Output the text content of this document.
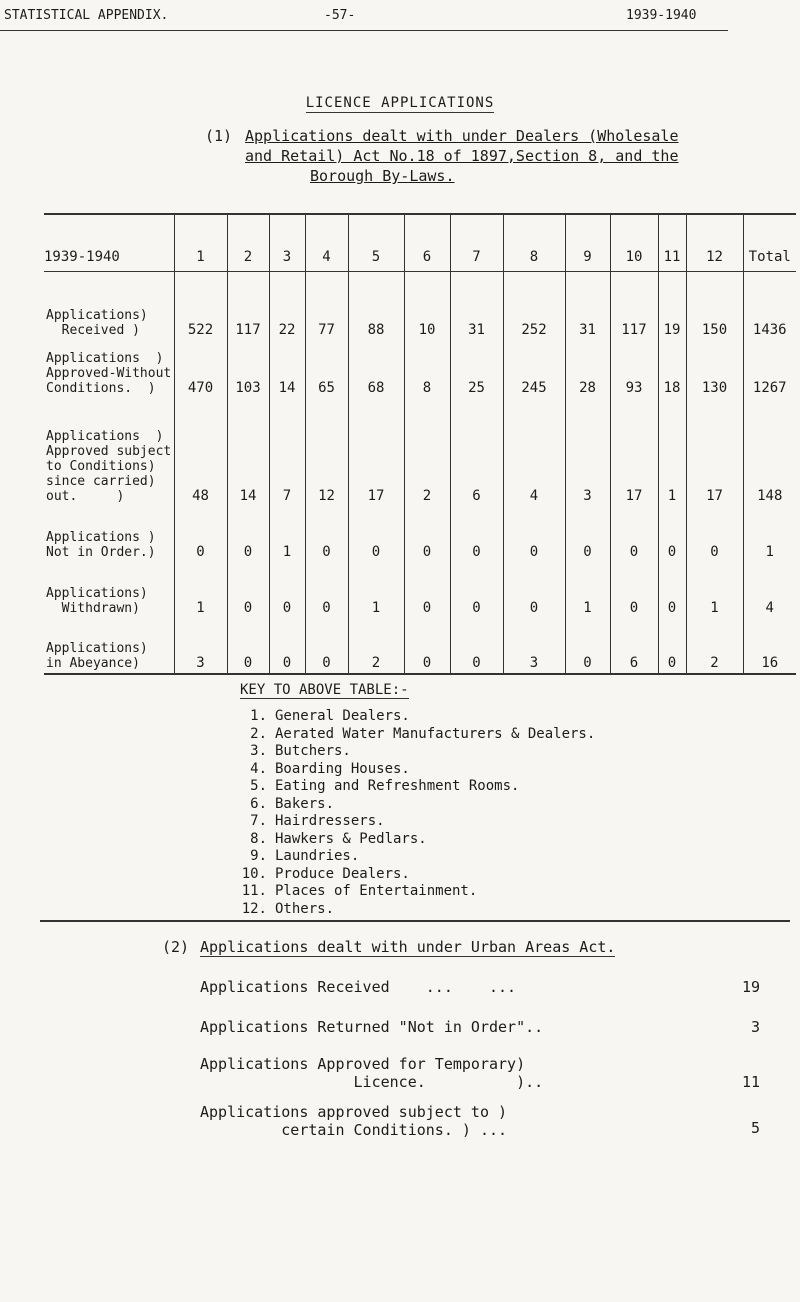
STATISTICAL APPENDIX.	-57-	1939-1940
LICENCE APPLICATIONS
(1) Applications dealt with under Dealers (Wholesale
and Retail) Act No.18 of 1897,Section 8, and the
Borough By-Laws.
1939-1940	1	2	3	4	5	6	7	8	9	10	11	12	Total
Applications)
Received )	522	117	22	77	88	10	31	252	31	117	19	150	1436
Applications  )
Approved-Without
Conditions.  )	470	103	14	65	68	8	25	245	28	93	18	130	1267
Applications  )
Approved subject
to Conditions)
since carried)
out.     )	48	14	7	12	17	2	6	4	3	17	1	17	148
Applications )
Not in Order.)	0	0	1	0	0	0	0	0	0	0	0	0	1
Applications)
Withdrawn)	1	0	0	0	1	0	0	0	1	0	0	1	4
Applications)
in Abeyance)	3	0	0	0	2	0	0	3	0	6	0	2	16
KEY TO ABOVE TABLE:-
1. General Dealers.
2. Aerated Water Manufacturers & Dealers.
3. Butchers.
4. Boarding Houses.
5. Eating and Refreshment Rooms.
6. Bakers.
7. Hairdressers.
8. Hawkers & Pedlars.
9. Laundries.
10. Produce Dealers.
11. Places of Entertainment.
12. Others.
(2) Applications dealt with under Urban Areas Act.
Applications Received    ...    ...	19
Applications Returned "Not in Order"..	3
Applications Approved for Temporary)
Licence.          )..	11
Applications approved subject to )
certain Conditions. ) ...	5
